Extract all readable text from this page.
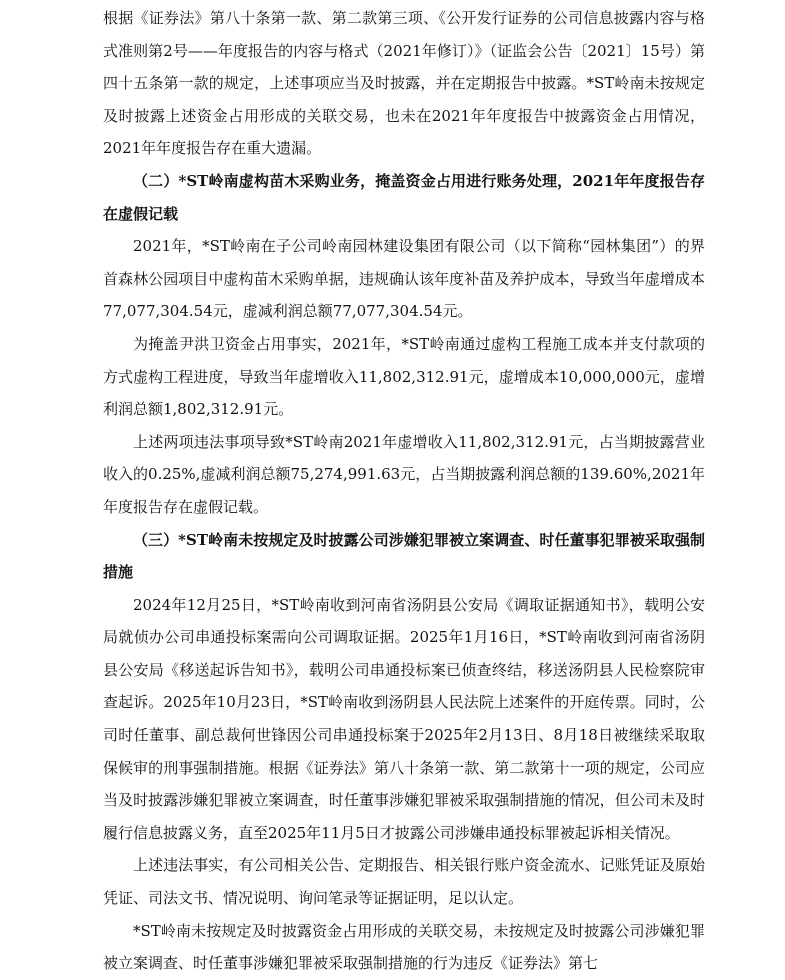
根据《证券法》第八十条第一款、第二款第三项、《公开发行证券的公司信息披露内容与格式准则第2号——年度报告的内容与格式（2021年修订）》（证监会公告〔2021〕15号）第四十五条第一款的规定，上述事项应当及时披露，并在定期报告中披露。*ST岭南未按规定及时披露上述资金占用形成的关联交易，也未在2021年年度报告中披露资金占用情况，2021年年度报告存在重大遗漏。

（二）*ST岭南虚构苗木采购业务，掩盖资金占用进行账务处理，2021年年度报告存在虚假记载

2021年，*ST岭南在子公司岭南园林建设集团有限公司（以下简称“园林集团”）的界首森林公园项目中虚构苗木采购单据，违规确认该年度补苗及养护成本，导致当年虚增成本77,077,304.54元，虚减利润总额77,077,304.54元。

为掩盖尹洪卫资金占用事实，2021年，*ST岭南通过虚构工程施工成本并支付款项的方式虚构工程进度，导致当年虚增收入11,802,312.91元，虚增成本10,000,000元，虚增利润总额1,802,312.91元。

上述两项违法事项导致*ST岭南2021年虚增收入11,802,312.91元，占当期披露营业收入的0.25%,虚减利润总额75,274,991.63元，占当期披露利润总额的139.60%,2021年年度报告存在虚假记载。

（三）*ST岭南未按规定及时披露公司涉嫌犯罪被立案调查、时任董事犯罪被采取强制措施

2024年12月25日，*ST岭南收到河南省汤阴县公安局《调取证据通知书》，载明公安局就侦办公司串通投标案需向公司调取证据。2025年1月16日，*ST岭南收到河南省汤阴县公安局《移送起诉告知书》，载明公司串通投标案已侦查终结，移送汤阴县人民检察院审查起诉。2025年10月23日，*ST岭南收到汤阴县人民法院上述案件的开庭传票。同时，公司时任董事、副总裁何世锋因公司串通投标案于2025年2月13日、8月18日被继续采取取保候审的刑事强制措施。根据《证券法》第八十条第一款、第二款第十一项的规定，公司应当及时披露涉嫌犯罪被立案调查，时任董事涉嫌犯罪被采取强制措施的情况，但公司未及时履行信息披露义务，直至2025年11月5日才披露公司涉嫌串通投标罪被起诉相关情况。

上述违法事实，有公司相关公告、定期报告、相关银行账户资金流水、记账凭证及原始凭证、司法文书、情况说明、询问笔录等证据证明，足以认定。

*ST岭南未按规定及时披露资金占用形成的关联交易，未按规定及时披露公司涉嫌犯罪被立案调查、时任董事涉嫌犯罪被采取强制措施的行为违反《证券法》第七
